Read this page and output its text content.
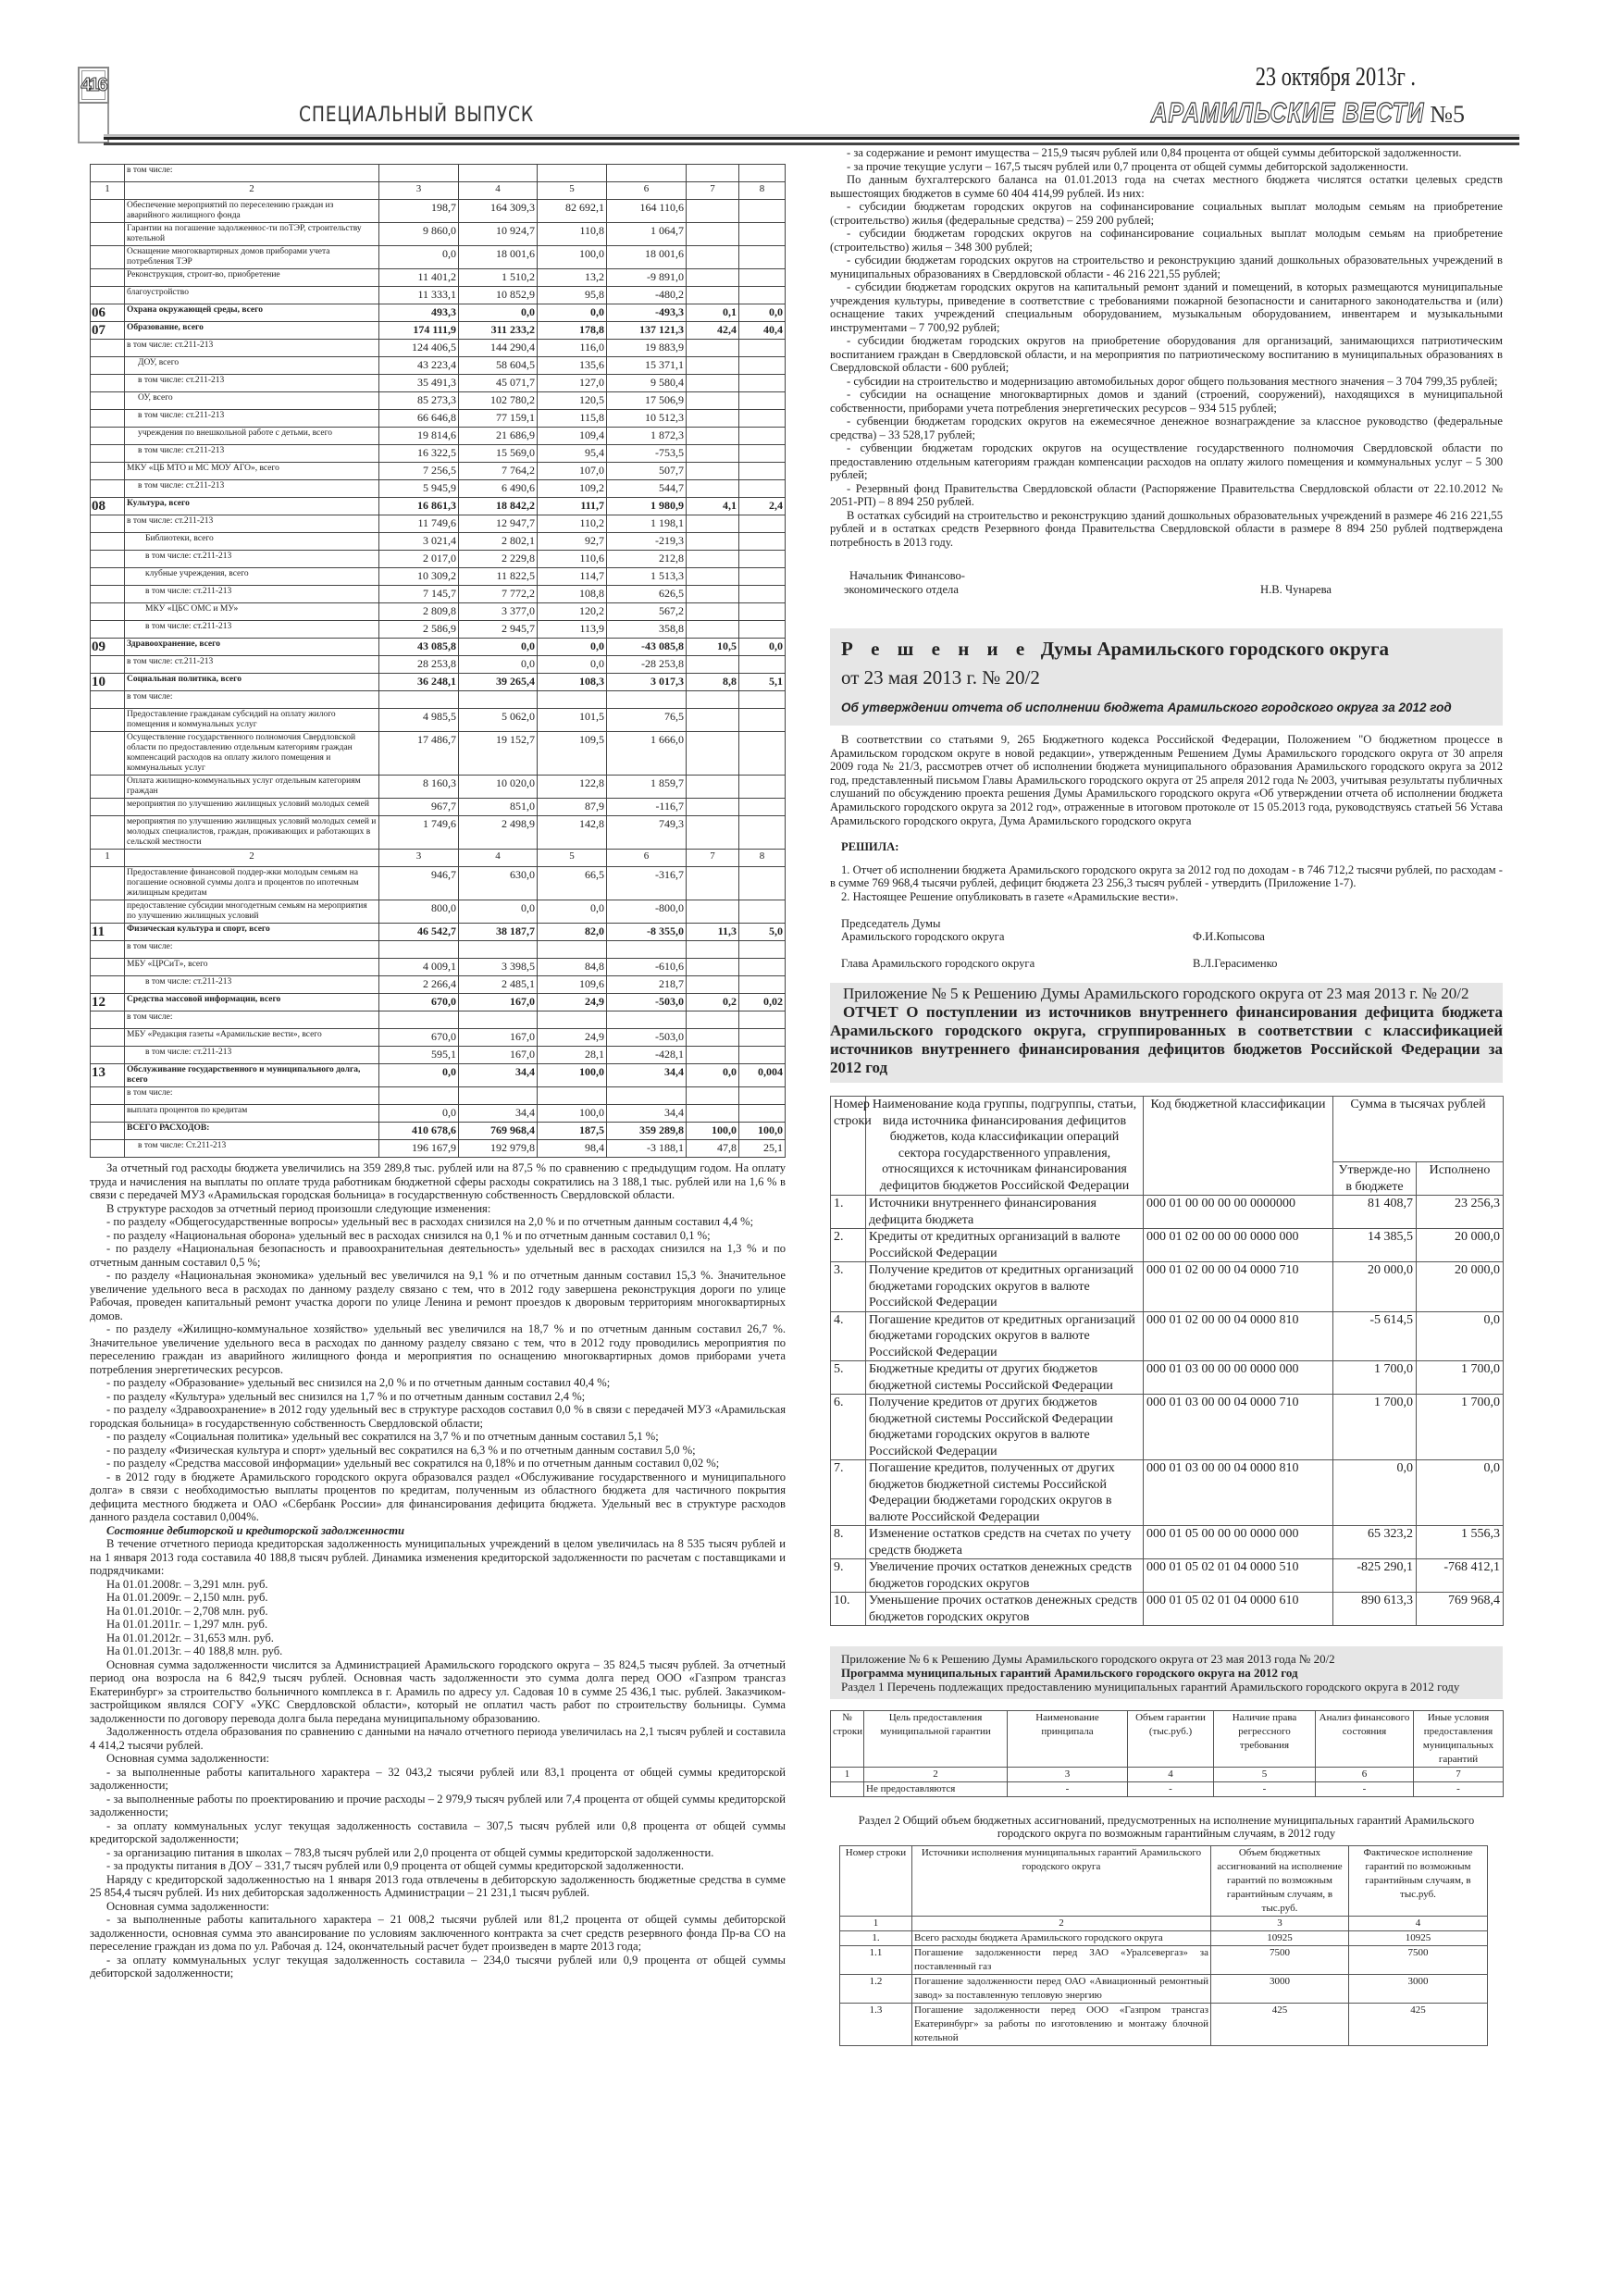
416
СПЕЦИАЛЬНЫЙ ВЫПУСК
23 октября 2013г .
АРАМИЛЬСКИЕ ВЕСТИ №5
	в том числе:						
1	2	3	4	5	6	7	8
	Обеспечение мероприятий по переселению граждан из аварийного жилищного фонда	198,7	164 309,3	82 692,1	164 110,6		
	Гарантии на погашение задолженнос-ти поТЭР, строительству котельной	9 860,0	10 924,7	110,8	1 064,7		
	Оснащение многоквартирных домов приборами учета потребления ТЭР	0,0	18 001,6	100,0	18 001,6		
	Реконструкция, строит-во, приобретение	11 401,2	1 510,2	13,2	-9 891,0		
	благоустройство	11 333,1	10 852,9	95,8	-480,2		
06	Охрана окружающей среды, всего	493,3	0,0	0,0	-493,3	0,1	0,0
07	Образование, всего	174 111,9	311 233,2	178,8	137 121,3	42,4	40,4
	в том числе: ст.211-213	124 406,5	144 290,4	116,0	19 883,9		
	ДОУ, всего	43 223,4	58 604,5	135,6	15 371,1		
	в том числе: ст.211-213	35 491,3	45 071,7	127,0	9 580,4		
	ОУ, всего	85 273,3	102 780,2	120,5	17 506,9		
	в том числе: ст.211-213	66 646,8	77 159,1	115,8	10 512,3		
	учреждения по внешкольной работе с детьми, всего	19 814,6	21 686,9	109,4	1 872,3		
	в том числе: ст.211-213	16 322,5	15 569,0	95,4	-753,5		
	МКУ «ЦБ МТО и МС МОУ АГО», всего	7 256,5	7 764,2	107,0	507,7		
	в том числе: ст.211-213	5 945,9	6 490,6	109,2	544,7		
08	Культура, всего	16 861,3	18 842,2	111,7	1 980,9	4,1	2,4
	в том числе: ст.211-213	11 749,6	12 947,7	110,2	1 198,1		
	Библиотеки, всего	3 021,4	2 802,1	92,7	-219,3		
	в том числе: ст.211-213	2 017,0	2 229,8	110,6	212,8		
	клубные учреждения, всего	10 309,2	11 822,5	114,7	1 513,3		
	в том числе: ст.211-213	7 145,7	7 772,2	108,8	626,5		
	МКУ «ЦБС ОМС и МУ»	2 809,8	3 377,0	120,2	567,2		
	в том числе: ст.211-213	2 586,9	2 945,7	113,9	358,8		
09	Здравоохранение, всего	43 085,8	0,0	0,0	-43 085,8	10,5	0,0
	в том числе: ст.211-213	28 253,8	0,0	0,0	-28 253,8		
10	Социальная политика, всего	36 248,1	39 265,4	108,3	3 017,3	8,8	5,1
	в том числе:						
	Предоставление гражданам субсидий на оплату жилого помещения и коммунальных услуг	4 985,5	5 062,0	101,5	76,5		
	Осуществление государственного полномочия Свердловской области по предоставлению отдельным категориям граждан компенсаций расходов на оплату жилого помещения и коммунальных услуг	17 486,7	19 152,7	109,5	1 666,0		
	Оплата жилищно-коммунальных услуг отдельным категориям граждан	8 160,3	10 020,0	122,8	1 859,7		
	мероприятия по улучшению жилищных условий молодых семей	967,7	851,0	87,9	-116,7		
	мероприятия по улучшению жилищных условий молодых семей и молодых специалистов, граждан, проживающих и работающих в сельской местности	1 749,6	2 498,9	142,8	749,3		
1	2	3	4	5	6	7	8
	Предоставление финансовой поддер-жки молодым семьям на погашение основной суммы долга и процентов по ипотечным жилищным кредитам	946,7	630,0	66,5	-316,7		
	предоставление субсидии многодетным семьям на мероприятия по улучшению жилищных условий	800,0	0,0	0,0	-800,0		
11	Физическая культура и спорт, всего	46 542,7	38 187,7	82,0	-8 355,0	11,3	5,0
	в том числе:						
	МБУ «ЦРСиТ», всего	4 009,1	3 398,5	84,8	-610,6		
	в том числе: ст.211-213	2 266,4	2 485,1	109,6	218,7		
12	Средства массовой информации, всего	670,0	167,0	24,9	-503,0	0,2	0,02
	в том числе:						
	МБУ «Редакция газеты «Арамильские вести», всего	670,0	167,0	24,9	-503,0		
	в том числе: ст.211-213	595,1	167,0	28,1	-428,1		
13	Обслуживание государственного и муниципального долга, всего	0,0	34,4	100,0	34,4	0,0	0,004
	в том числе:						
	выплата процентов по кредитам	0,0	34,4	100,0	34,4		
	ВСЕГО РАСХОДОВ:	410 678,6	769 968,4	187,5	359 289,8	100,0	100,0
	в том числе: Ст.211-213	196 167,9	192 979,8	98,4	-3 188,1	47,8	25,1

За отчетный год расходы бюджета увеличились на 359 289,8 тыс. рублей или на 87,5 % по сравнению с предыдущим годом. На оплату труда и начисления на выплаты по оплате труда работникам бюджетной сферы расходы сократились на 3 188,1 тыс. рублей или на 1,6 % в связи с передачей МУЗ «Арамильская городская больница» в государственную собственность Свердловской области.

В структуре расходов за отчетный период произошли следующие изменения:

- по разделу «Общегосударственные вопросы» удельный вес в расходах снизился на 2,0 % и по отчетным данным составил 4,4 %;

- по разделу «Национальная оборона» удельный вес в расходах снизился на 0,1 % и по отчетным данным составил 0,1 %;

- по разделу «Национальная безопасность и правоохранительная деятельность» удельный вес в расходах снизился на 1,3 % и по отчетным данным составил 0,5 %;

- по разделу «Национальная экономика» удельный вес увеличился на 9,1 % и по отчетным данным составил 15,3 %. Значительное увеличение удельного веса в расходах по данному разделу связано с тем, что в 2012 году завершена реконструкция дороги по улице Рабочая, проведен капитальный ремонт участка дороги по улице Ленина и ремонт проездов к дворовым территориям многоквартирных домов.

- по разделу «Жилищно-коммунальное хозяйство» удельный вес увеличился на 18,7 % и по отчетным данным составил 26,7 %. Значительное увеличение удельного веса в расходах по данному разделу связано с тем, что в 2012 году проводились мероприятия по переселению граждан из аварийного жилищного фонда и мероприятия по оснащению многоквартирных домов приборами учета потребления энергетических ресурсов.

- по разделу «Образование» удельный вес снизился на 2,0 % и по отчетным данным составил 40,4 %;

- по разделу «Культура» удельный вес снизился на 1,7 % и по отчетным данным составил 2,4 %;

- по разделу «Здравоохранение» в 2012 году удельный вес в структуре расходов составил 0,0 % в связи с передачей МУЗ «Арамильская городская больница» в государственную собственность Свердловской области;

- по разделу «Социальная политика» удельный вес сократился на 3,7 % и по отчетным данным составил 5,1 %;

- по разделу «Физическая культура и спорт» удельный вес сократился на 6,3 % и по отчетным данным составил 5,0 %;

- по разделу «Средства массовой информации» удельный вес сократился на 0,18% и по отчетным данным составил 0,02 %;

- в 2012 году в бюджете Арамильского городского округа образовался раздел «Обслуживание государственного и муниципального долга» в связи с необходимостью выплаты процентов по кредитам, полученным из областного бюджета для частичного покрытия дефицита местного бюджета и ОАО «Сбербанк России» для финансирования дефицита бюджета. Удельный вес в структуре расходов данного раздела составил 0,004%.

Состояние дебиторской и кредиторской задолженности

В течение отчетного периода кредиторская задолженность муниципальных учреждений в целом увеличилась на 8 535 тысяч рублей и на 1 января 2013 года составила 40 188,8 тысяч рублей. Динамика изменения кредиторской задолженности по расчетам с поставщиками и подрядчиками:

На 01.01.2008г. – 3,291 млн. руб.

На 01.01.2009г. – 2,150 млн. руб.

На 01.01.2010г. – 2,708 млн. руб.

На 01.01.2011г. – 1,297 млн. руб.

На 01.01.2012г. – 31,653 млн. руб.

На 01.01.2013г. – 40 188,8 млн. руб.

Основная сумма задолженности числится за Администрацией Арамильского городского округа – 35 824,5 тысяч рублей. За отчетный период она возросла на 6 842,9 тысяч рублей. Основная часть задолженности это сумма долга перед ООО «Газпром трансгаз Екатеринбург» за строительство больничного комплекса в г. Арамиль по адресу ул. Садовая 10 в сумме 25 436,1 тыс. рублей. Заказчиком-застройщиком являлся СОГУ «УКС Свердловской области», который не оплатил часть работ по строительству больницы. Сумма задолженности по договору перевода долга была передана муниципальному образованию.

Задолженность отдела образования по сравнению с данными на начало отчетного периода увеличилась на 2,1 тысяч рублей и составила 4 414,2 тысячи рублей.

Основная сумма задолженности:

- за выполненные работы капитального характера – 32 043,2 тысячи рублей или 83,1 процента от общей суммы кредиторской задолженности;

- за выполненные работы по проектированию и прочие расходы – 2 979,9 тысяч рублей или 7,4 процента от общей суммы кредиторской задолженности;

- за оплату коммунальных услуг текущая задолженность составила – 307,5 тысяч рублей или 0,8 процента от общей суммы кредиторской задолженности;

- за организацию питания в школах – 783,8 тысяч рублей или 2,0 процента от общей суммы кредиторской задолженности.

- за продукты питания в ДОУ – 331,7 тысяч рублей или 0,9 процента от общей суммы кредиторской задолженности.

Наряду с кредиторской задолженностью на 1 января 2013 года отвлечены в дебиторскую задолженность бюджетные средства в сумме 25 854,4 тысяч рублей. Из них дебиторская задолженность Администрации – 21 231,1 тысяч рублей.

Основная сумма задолженности:

- за выполненные работы капитального характера – 21 008,2 тысячи рублей или 81,2 процента от общей суммы дебиторской задолженности, основная сумма это авансирование по условиям заключенного контракта за счет средств резервного фонда Пр-ва СО на переселение граждан из дома по ул. Рабочая д. 124, окончательный расчет будет произведен в марте 2013 года;

- за оплату коммунальных услуг текущая задолженность составила – 234,0 тысячи рублей или 0,9 процента от общей суммы дебиторской задолженности;

- за содержание и ремонт имущества – 215,9 тысяч рублей или 0,84 процента от общей суммы дебиторской задолженности.

- за прочие текущие услуги – 167,5 тысяч рублей или 0,7 процента от общей суммы дебиторской задолженности.

По данным бухгалтерского баланса на 01.01.2013 года на счетах местного бюджета числятся остатки целевых средств вышестоящих бюджетов в сумме 60 404 414,99 рублей. Из них:

- субсидии бюджетам городских округов на софинансирование социальных выплат молодым семьям на приобретение (строительство) жилья (федеральные средства) – 259 200 рублей;

- субсидии бюджетам городских округов на софинансирование социальных выплат молодым семьям на приобретение (строительство) жилья – 348 300 рублей;

- субсидии бюджетам городских округов на строительство и реконструкцию зданий дошкольных образовательных учреждений в муниципальных образованиях в Свердловской области - 46 216 221,55 рублей;

- субсидии бюджетам городских округов на капитальный ремонт зданий и помещений, в которых размещаются муниципальные учреждения культуры, приведение в соответствие с требованиями пожарной безопасности и санитарного законодательства и (или) оснащение таких учреждений специальным оборудованием, музыкальным оборудованием, инвентарем и музыкальными инструментами – 7 700,92 рублей;

- субсидии бюджетам городских округов на приобретение оборудования для организаций, занимающихся патриотическим воспитанием граждан в Свердловской области, и на мероприятия по патриотическому воспитанию в муниципальных образованиях в Свердловской области - 600 рублей;

- субсидии на строительство и модернизацию автомобильных дорог общего пользования местного значения – 3 704 799,35 рублей;

- субсидии на оснащение многоквартирных домов и зданий (строений, сооружений), находящихся в муниципальной собственности, приборами учета потребления энергетических ресурсов – 934 515 рублей;

- субвенции бюджетам городских округов на ежемесячное денежное вознаграждение за классное руководство (федеральные средства) – 33 528,17 рублей;

- субвенции бюджетам городских округов на осуществление государственного полномочия Свердловской области по предоставлению отдельным категориям граждан компенсации расходов на оплату жилого помещения и коммунальных услуг – 5 300 рублей;

- Резервный фонд Правительства Свердловской области (Распоряжение Правительства Свердловской области от 22.10.2012 № 2051-РП) – 8 894 250 рублей.

В остатках субсидий на строительство и реконструкцию зданий дошкольных образовательных учреждений в размере 46 216 221,55 рублей и в остатках средств Резервного фонда Правительства Свердловской области в размере 8 894 250 рублей подтверждена потребность в 2013 году.

Начальник Финансово-
экономического отдела	Н.В. Чунарева
Р е ш е н и е Думы Арамильского городского округа
от 23 мая 2013 г. № 20/2
Об утверждении отчета об исполнении бюджета Арамильского городского округа за 2012 год

В соответствии со статьями 9, 265 Бюджетного кодекса Российской Федерации, Положением "О бюджетном процессе в Арамильском городском округе в новой редакции», утвержденным Решением Думы Арамильского городского округа от 30 апреля 2009 года № 21/3, рассмотрев отчет об исполнении бюджета муниципального образования Арамильского городского округа за 2012 год, представленный письмом Главы Арамильского городского округа от 25 апреля 2012 года № 2003, учитывая результаты публичных слушаний по обсуждению проекта решения Думы Арамильского городского округа «Об утверждении отчета об исполнении бюджета Арамильского городского округа за 2012 год», отраженные в итоговом протоколе от 15 05.2013 года, руководствуясь статьей 56 Устава Арамильского городского округа, Дума Арамильского городского округа

РЕШИЛА:

1. Отчет об исполнении бюджета Арамильского городского округа за 2012 год по доходам - в 746 712,2 тысячи рублей, по расходам - в сумме 769 968,4 тысячи рублей, дефицит бюджета 23 256,3 тысяч рублей - утвердить (Приложение 1-7).

2. Настоящее Решение опубликовать в газете «Арамильские вести».

Председатель Думы
Арамильского городского округа	Ф.И.Копысова
Глава Арамильского городского округа	В.Л.Герасименко
Приложение № 5 к Решению Думы Арамильского городского округа от 23 мая 2013 г. № 20/2
ОТЧЕТ О поступлении из источников внутреннего финансирования дефицита бюджета Арамильского городского округа, сгруппированных в соответствии с классификацией источников внутреннего финансирования дефицитов бюджетов Российской Федерации за 2012 год
Номер строки	Наименование кода группы, подгруппы, статьи, вида источника финансирования дефицитов бюджетов, кода классификации операций сектора государственного управления, относящихся к источникам финансирования дефицитов бюджетов Российской Федерации	Код бюджетной классификации	Сумма в тысячах рублей	
			Утвержде-но в бюджете	Исполнено
1.	Источники внутреннего финансирования дефицита бюджета	000 01 00 00 00 00 0000000	81 408,7	23 256,3
2.	Кредиты от кредитных организаций в валюте Российской Федерации	000 01 02 00 00 00 0000 000	14 385,5	20 000,0
3.	Получение кредитов от кредитных организаций бюджетами городских округов в валюте Российской Федерации	000 01 02 00 00 04 0000 710	20 000,0	20 000,0
4.	Погашение кредитов от кредитных организаций бюджетами городских округов в валюте Российской Федерации	000 01 02 00 00 04 0000 810	-5 614,5	0,0
5.	Бюджетные кредиты от других бюджетов бюджетной системы Российской Федерации	000 01 03 00 00 00 0000 000	1 700,0	1 700,0
6.	Получение кредитов от других бюджетов бюджетной системы Российской Федерации бюджетами городских округов в валюте Российской Федерации	000 01 03 00 00 04 0000 710	1 700,0	1 700,0
7.	Погашение кредитов, полученных от других бюджетов бюджетной системы Российской Федерации бюджетами городских округов в валюте Российской Федерации	000 01 03 00 00 04 0000 810	0,0	0,0
8.	Изменение остатков средств на счетах по учету средств бюджета	000 01 05 00 00 00 0000 000	65 323,2	1 556,3
9.	Увеличение прочих остатков денежных средств бюджетов городских округов	000 01 05 02 01 04 0000 510	-825 290,1	-768 412,1
10.	Уменьшение прочих остатков денежных средств бюджетов городских округов	000 01 05 02 01 04 0000 610	890 613,3	769 968,4
Приложение № 6 к Решению Думы Арамильского городского округа от 23 мая 2013 года № 20/2
Программа муниципальных гарантий Арамильского городского округа на 2012 год
Раздел 1 Перечень подлежащих предоставлению муниципальных гарантий Арамильского городского округа в 2012 году
№ строки	Цель предоставления муниципальной гарантии	Наименование принципала	Объем гарантии (тыс.руб.)	Наличие права регрессного требования	Анализ финансового состояния	Иные условия предоставления муниципальных гарантий
1	2	3	4	5	6	7
	Не предоставляются	-	-	-	-	-
Раздел 2 Общий объем бюджетных ассигнований, предусмотренных на исполнение муниципальных гарантий Арамильского городского округа по возможным гарантийным случаям, в 2012 году
Номер строки	Источники исполнения муниципальных гарантий Арамильского городского округа	Объем бюджетных ассигнований на исполнение гарантий по возможным гарантийным случаям, в тыс.руб.	Фактическое исполнение гарантий по возможным гарантийным случаям, в тыс.руб.
1	2	3	4
1.	Всего расходы бюджета Арамильского городского округа	10925	10925
1.1	Погашение задолженности перед ЗАО «Уралсевергаз» за поставленный газ	7500	7500
1.2	Погашение задолженности перед ОАО «Авиационный ремонтный завод» за поставленную тепловую энергию	3000	3000
1.3	Погашение задолженности перед ООО «Газпром трансгаз Екатеринбург» за работы по изготовлению и монтажу блочной котельной	425	425
